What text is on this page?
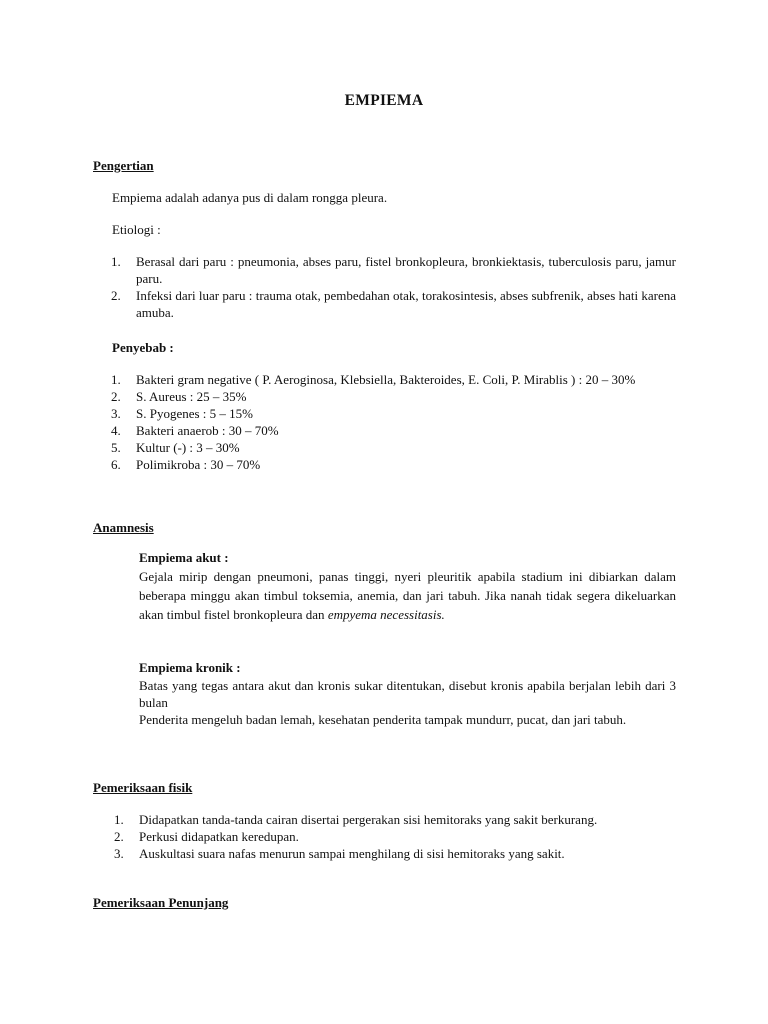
EMPIEMA
Pengertian
Empiema adalah adanya pus di dalam rongga pleura.
Etiologi :
1. Berasal dari paru : pneumonia, abses paru, fistel bronkopleura, bronkiektasis, tuberculosis paru, jamur paru.
2. Infeksi dari luar paru : trauma otak, pembedahan otak, torakosintesis, abses subfrenik, abses hati karena amuba.
Penyebab :
1. Bakteri gram negative ( P. Aeroginosa, Klebsiella, Bakteroides, E. Coli, P. Mirablis ) : 20 – 30%
2. S. Aureus : 25 – 35%
3. S. Pyogenes : 5 – 15%
4. Bakteri anaerob : 30 – 70%
5. Kultur (-) : 3 – 30%
6. Polimikroba : 30 – 70%
Anamnesis
Empiema akut :
Gejala mirip dengan pneumoni, panas tinggi, nyeri pleuritik apabila stadium ini dibiarkan dalam beberapa minggu akan timbul toksemia, anemia, dan jari tabuh. Jika nanah tidak segera dikeluarkan akan timbul fistel bronkopleura dan empyema necessitasis.
Empiema kronik :
Batas yang tegas antara akut dan kronis sukar ditentukan, disebut kronis apabila berjalan lebih dari 3 bulan
Penderita mengeluh badan lemah, kesehatan penderita tampak mundurr, pucat, dan jari tabuh.
Pemeriksaan fisik
1. Didapatkan tanda-tanda cairan disertai pergerakan sisi hemitoraks yang sakit berkurang.
2. Perkusi didapatkan keredupan.
3. Auskultasi suara nafas menurun sampai menghilang di sisi hemitoraks yang sakit.
Pemeriksaan Penunjang
